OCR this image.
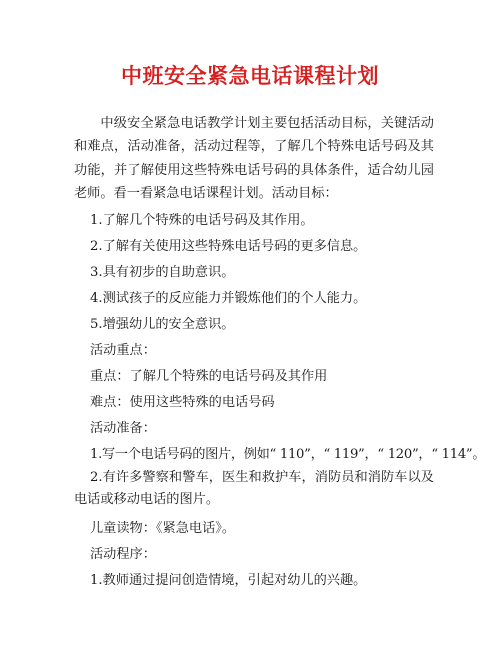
中班安全紧急电话课程计划

中级安全紧急电话教学计划主要包括活动目标，关键活动和难点，活动准备，活动过程等，了解几个特殊电话号码及其功能，并了解使用这些特殊电话号码的具体条件，适合幼儿园老师。看一看紧急电话课程计划。活动目标：

1.了解几个特殊的电话号码及其作用。

2.了解有关使用这些特殊电话号码的更多信息。

3.具有初步的自助意识。

4.测试孩子的反应能力并锻炼他们的个人能力。

5.增强幼儿的安全意识。

活动重点：

重点：了解几个特殊的电话号码及其作用

难点：使用这些特殊的电话号码

活动准备：

1.写一个电话号码的图片，例如“ 110”，“ 119”，“ 120”，“ 114”。

2.有许多警察和警车，医生和救护车，消防员和消防车以及电话或移动电话的图片。

儿童读物：《紧急电话》。

活动程序：

1.教师通过提问创造情境，引起对幼儿的兴趣。
